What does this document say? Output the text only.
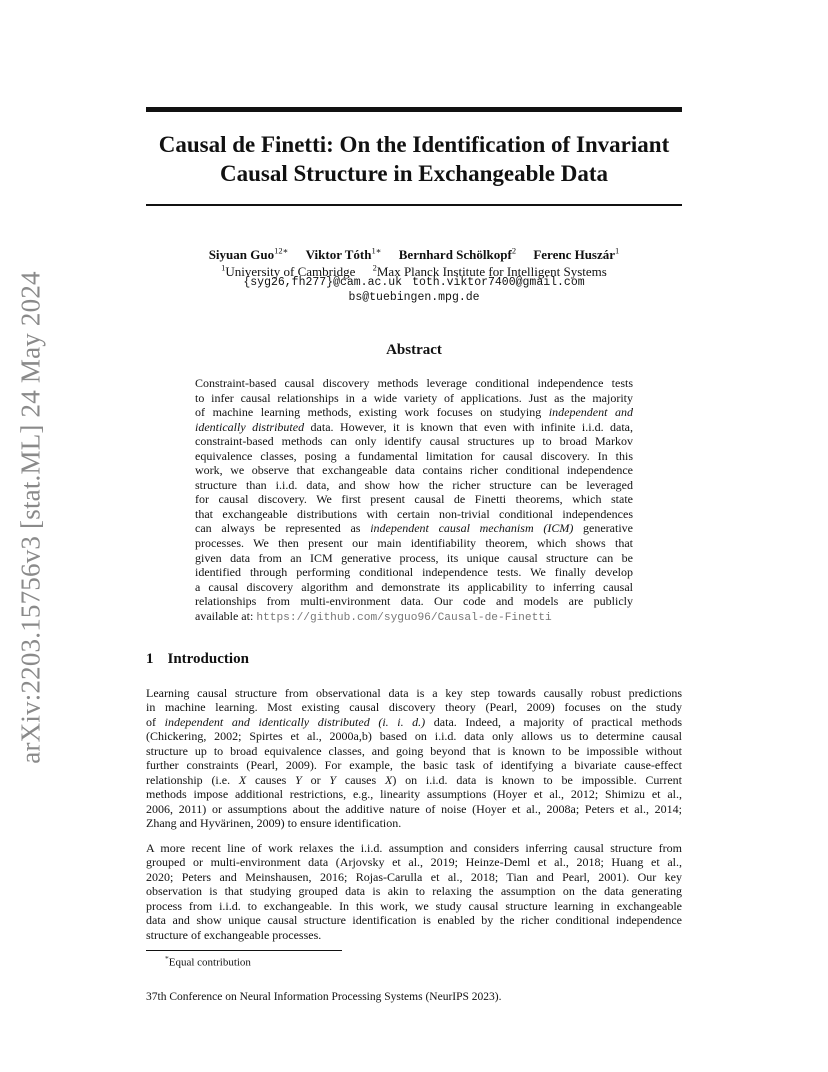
arXiv:2203.15756v3 [stat.ML] 24 May 2024
Causal de Finetti: On the Identification of Invariant
Causal Structure in Exchangeable Data
Siyuan Guo$^{12∗}$ Viktor Tóth$^{1∗}$ Bernhard Schölkopf$^2$ Ferenc Huszár$^1$
$^1$University of Cambridge $^2$Max Planck Institute for Intelligent Systems
{syg26,fh277}@cam.ac.uk toth.viktor7400@gmail.com
bs@tuebingen.mpg.de
Abstract
Constraint-based causal discovery methods leverage conditional independence tests
to infer causal relationships in a wide variety of applications. Just as the majority
of machine learning methods, existing work focuses on studying independent and
identically distributed data. However, it is known that even with infinite i.i.d. data,
constraint-based methods can only identify causal structures up to broad Markov
equivalence classes, posing a fundamental limitation for causal discovery. In this
work, we observe that exchangeable data contains richer conditional independence
structure than i.i.d. data, and show how the richer structure can be leveraged
for causal discovery. We first present causal de Finetti theorems, which state
that exchangeable distributions with certain non-trivial conditional independences
can always be represented as independent causal mechanism (ICM) generative
processes. We then present our main identifiability theorem, which shows that
given data from an ICM generative process, its unique causal structure can be
identified through performing conditional independence tests. We finally develop
a causal discovery algorithm and demonstrate its applicability to inferring causal
relationships from multi-environment data. Our code and models are publicly
available at: https://github.com/syguo96/Causal-de-Finetti
1 Introduction
Learning causal structure from observational data is a key step towards causally robust predictions
in machine learning. Most existing causal discovery theory (Pearl, 2009) focuses on the study
of independent and identically distributed (i. i. d.) data. Indeed, a majority of practical methods
(Chickering, 2002; Spirtes et al., 2000a,b) based on i.i.d. data only allows us to determine causal
structure up to broad equivalence classes, and going beyond that is known to be impossible without
further constraints (Pearl, 2009). For example, the basic task of identifying a bivariate cause-effect
relationship (i.e. X causes Y or Y causes X) on i.i.d. data is known to be impossible. Current
methods impose additional restrictions, e.g., linearity assumptions (Hoyer et al., 2012; Shimizu et al.,
2006, 2011) or assumptions about the additive nature of noise (Hoyer et al., 2008a; Peters et al., 2014;
Zhang and Hyvärinen, 2009) to ensure identification.
A more recent line of work relaxes the i.i.d. assumption and considers inferring causal structure from
grouped or multi-environment data (Arjovsky et al., 2019; Heinze-Deml et al., 2018; Huang et al.,
2020; Peters and Meinshausen, 2016; Rojas-Carulla et al., 2018; Tian and Pearl, 2001). Our key
observation is that studying grouped data is akin to relaxing the assumption on the data generating
process from i.i.d. to exchangeable. In this work, we study causal structure learning in exchangeable
data and show unique causal structure identification is enabled by the richer conditional independence
structure of exchangeable processes.
*Equal contribution
37th Conference on Neural Information Processing Systems (NeurIPS 2023).
